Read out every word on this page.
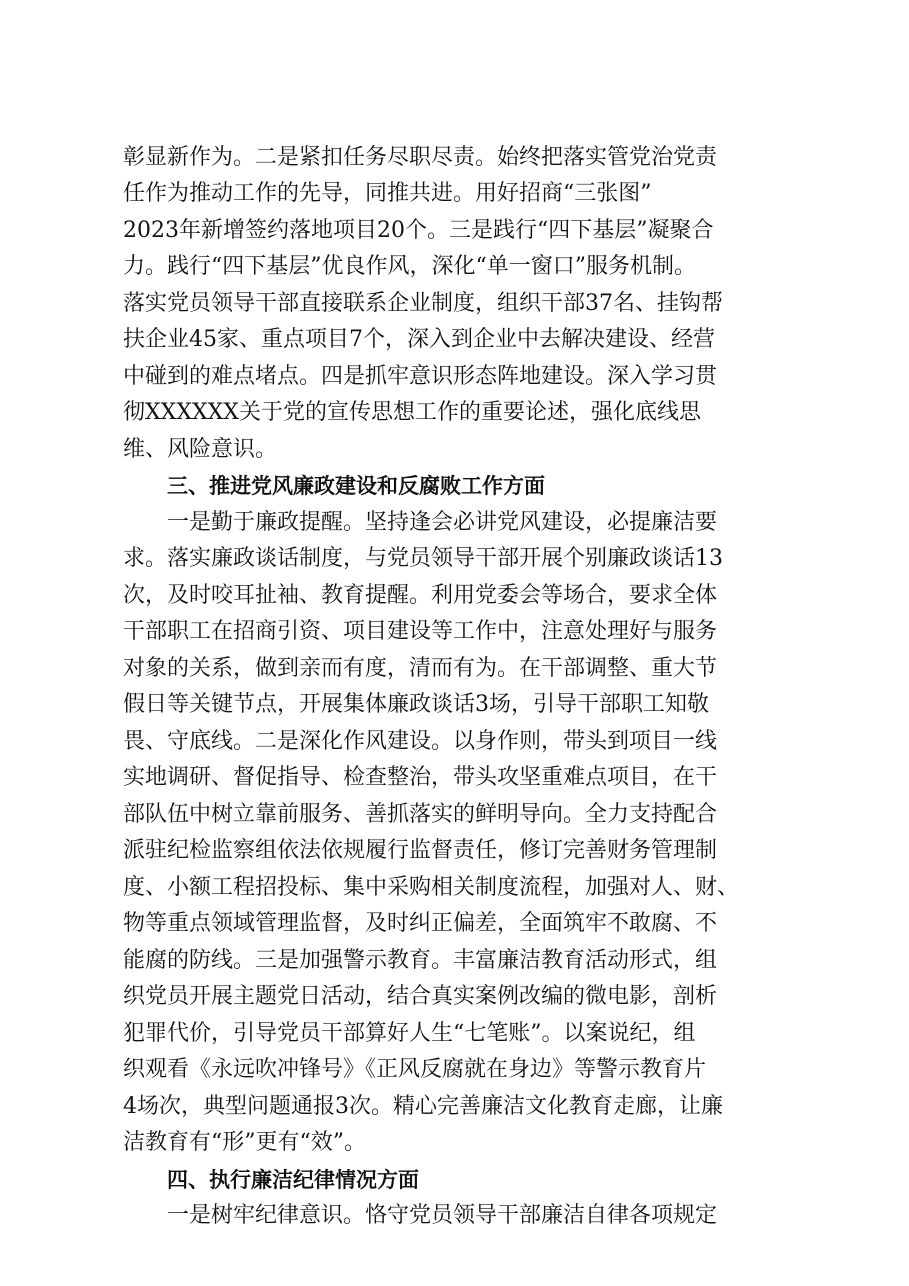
彰显新作为。二是紧扣任务尽职尽责。始终把落实管党治党责
任作为推动工作的先导，同推共进。用好招商“三张图”
2023年新增签约落地项目20个。三是践行“四下基层”凝聚合
力。践行“四下基层”优良作风，深化“单一窗口”服务机制。
落实党员领导干部直接联系企业制度，组织干部37名、挂钩帮
扶企业45家、重点项目7个，深入到企业中去解决建设、经营
中碰到的难点堵点。四是抓牢意识形态阵地建设。深入学习贯
彻XXXXXX关于党的宣传思想工作的重要论述，强化底线思
维、风险意识。
三、推进党风廉政建设和反腐败工作方面
一是勤于廉政提醒。坚持逢会必讲党风建设，必提廉洁要
求。落实廉政谈话制度，与党员领导干部开展个别廉政谈话13
次，及时咬耳扯袖、教育提醒。利用党委会等场合，要求全体
干部职工在招商引资、项目建设等工作中，注意处理好与服务
对象的关系，做到亲而有度，清而有为。在干部调整、重大节
假日等关键节点，开展集体廉政谈话3场，引导干部职工知敬
畏、守底线。二是深化作风建设。以身作则，带头到项目一线
实地调研、督促指导、检查整治，带头攻坚重难点项目，在干
部队伍中树立靠前服务、善抓落实的鲜明导向。全力支持配合
派驻纪检监察组依法依规履行监督责任，修订完善财务管理制
度、小额工程招投标、集中采购相关制度流程，加强对人、财、
物等重点领域管理监督，及时纠正偏差，全面筑牢不敢腐、不
能腐的防线。三是加强警示教育。丰富廉洁教育活动形式，组
织党员开展主题党日活动，结合真实案例改编的微电影，剖析
犯罪代价，引导党员干部算好人生“七笔账”。以案说纪，组
织观看《永远吹冲锋号》《正风反腐就在身边》等警示教育片
4场次，典型问题通报3次。精心完善廉洁文化教育走廊，让廉
洁教育有“形”更有“效”。
四、执行廉洁纪律情况方面
一是树牢纪律意识。恪守党员领导干部廉洁自律各项规定
